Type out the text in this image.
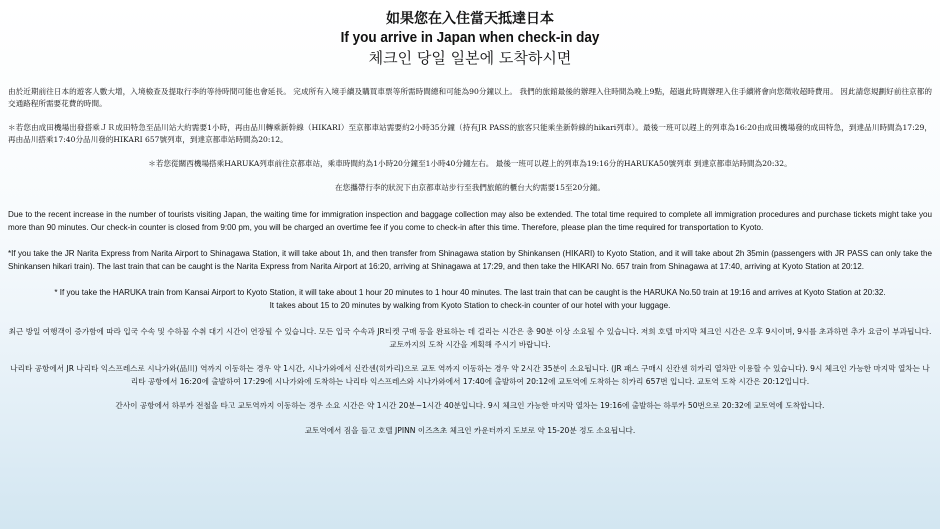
如果您在入住當天抵達日本
If you arrive in Japan when check-in day
체크인 당일 일본에 도착하시면

由於近期前往日本的遊客人數大增，入境檢查及提取行李的等待時間可能也會延長。 完成所有入境手續及購買車票等所需時間總和可能為90分鐘以上。 我們的旅館最後的辦理入住時間為晚上9點，超過此時間辦理入住手續將會向您徵收超時費用。 因此請您規劃好前往京都的交通路程所需要花費的時間。

＊若您由成田機場出發搭乘ＪＲ成田特急至品川站大約需要1小時，再由品川轉乘新幹線（HIKARI）至京都車站需要約2小時35分鐘（持有JR PASS的旅客只能乘坐新幹線的hikari列車）。最後一班可以趕上的列車為16:20由成田機場發的成田特急，到達品川時間為17:29，再由品川搭乘17:40分品川發的HIKARI 657號列車，到達京都車站時間為20:12。

＊若您從關西機場搭乘HARUKA列車前往京都車站，乘車時間約為1小時20分鐘至1小時40分鐘左右。 最後一班可以趕上的列車為19:16分的HARUKA50號列車 到達京都車站時間為20:32。

在您攜帶行李的狀況下由京都車站步行至我們旅館的櫃台大約需要15至20分鐘。

Due to the recent increase in the number of tourists visiting Japan, the waiting time for immigration inspection and baggage collection may also be extended. The total time required to complete all immigration procedures and purchase tickets might take you more than 90 minutes. Our check-in counter is closed from 9:00 pm, you will be charged an overtime fee if you come to check-in after this time. Therefore, please plan the time required for transportation to Kyoto.

*If you take the JR Narita Express from Narita Airport to Shinagawa Station, it will take about 1h, and then transfer from Shinagawa station by Shinkansen (HIKARI) to Kyoto Station, and it will take about 2h 35min (passengers with JR PASS can only take the Shinkansen hikari train). The last train that can be caught is the Narita Express from Narita Airport at 16:20, arriving at Shinagawa at 17:29, and then take the HIKARI No. 657 train from Shinagawa at 17:40, arriving at Kyoto Station at 20:12.

* If you take the HARUKA train from Kansai Airport to Kyoto Station, it will take about 1 hour 20 minutes to 1 hour 40 minutes. The last train that can be caught is the HARUKA No.50 train at 19:16 and arrives at Kyoto Station at 20:32.

It takes about 15 to 20 minutes by walking from Kyoto Station to check-in counter of our hotel with your luggage.

최근 방일 여행객이 증가함에 따라 입국 수속 및 수하물 수취 대기 시간이 연장될 수 있습니다. 모든 입국 수속과 JR티켓 구매 등을 완료하는 데 걸리는 시간은 총 90분 이상 소요될 수 있습니다. 저희 호텔 마지막 체크인 시간은 오후 9시이며, 9시를 초과하면 추가 요금이 부과됩니다. 교토까지의 도착 시간을 계획해 주시기 바랍니다.

나리타 공항에서 JR 나리타 익스프레스로 시나가와(品川) 역까지 이동하는 경우 약 1시간, 시나가와에서 신칸센(히카리)으로 교토 역까지 이동하는 경우 약 2시간 35분이 소요됩니다. (JR 패스 구매시 신칸센 히카리 열차만 이용할 수 있습니다). 9시 체크인 가능한 마지막 열차는 나리타 공항에서 16:20에 출발하여 17:29에 시나가와에 도착하는 나리타 익스프레스와 시나가와에서 17:40에 출발하여 20:12에 교토역에 도착하는 히카리 657번 입니다. 교토역 도착 시간은 20:12입니다.

간사이 공항에서 하루카 전철을 타고 교토역까지 이동하는 경우 소요 시간은 약 1시간 20분~1시간 40분입니다. 9시 체크인 가능한 마지막 열차는 19:16에 출발하는 하루카 50번으로 20:32에 교토역에 도착합니다.

교토역에서 짐을 들고 호텔 JPINN 이즈츠초 체크인 카운터까지 도보로 약 15-20분 정도 소요됩니다.
